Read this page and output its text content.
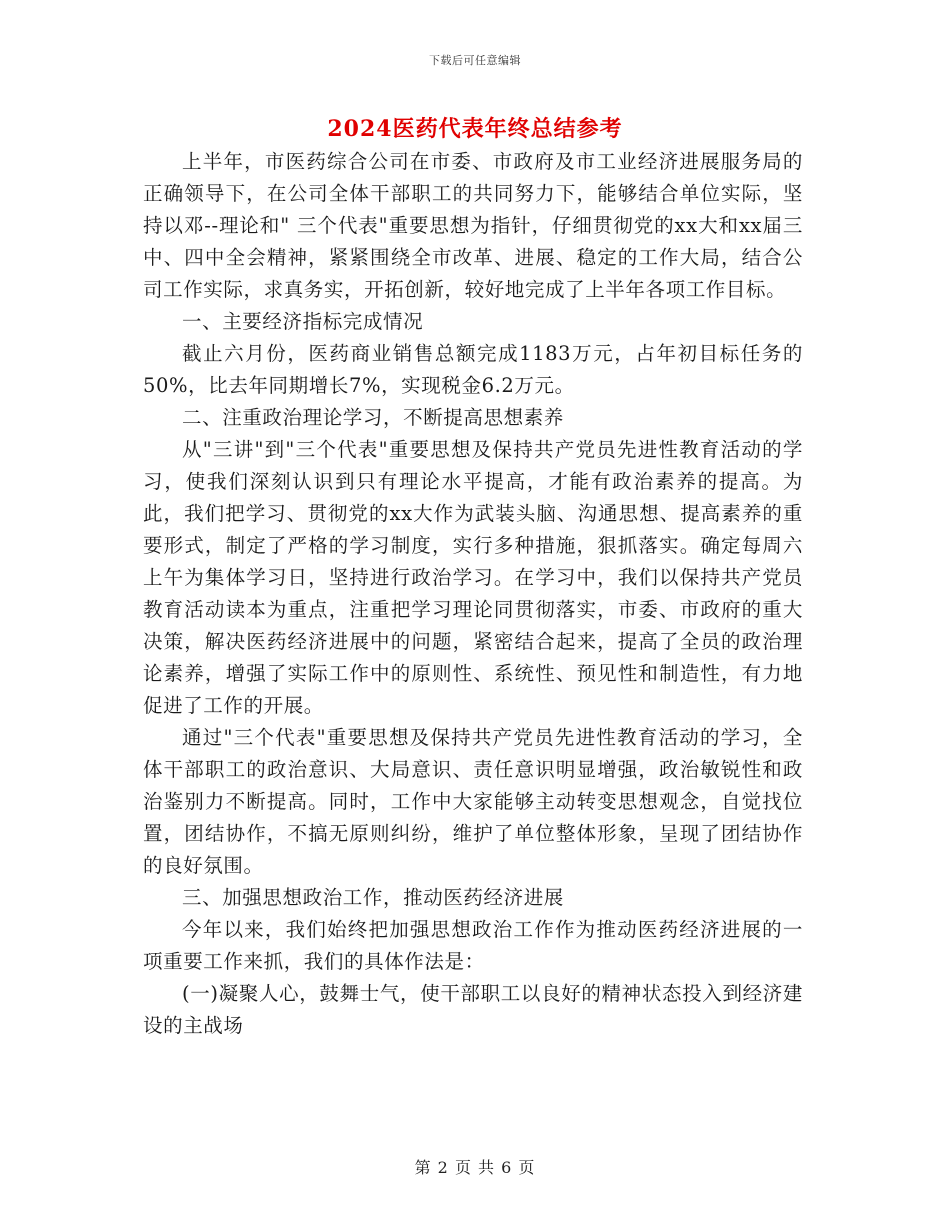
下载后可任意编辑
2024医药代表年终总结参考

上半年，市医药综合公司在市委、市政府及市工业经济进展服务局的正确领导下，在公司全体干部职工的共同努力下，能够结合单位实际，坚持以邓--理论和" 三个代表"重要思想为指针，仔细贯彻党的xx大和xx届三中、四中全会精神，紧紧围绕全市改革、进展、稳定的工作大局，结合公司工作实际，求真务实，开拓创新，较好地完成了上半年各项工作目标。

一、主要经济指标完成情况

截止六月份，医药商业销售总额完成1183万元，占年初目标任务的50%，比去年同期增长7%，实现税金6.2万元。

二、注重政治理论学习，不断提高思想素养

从"三讲"到"三个代表"重要思想及保持共产党员先进性教育活动的学习，使我们深刻认识到只有理论水平提高，才能有政治素养的提高。为此，我们把学习、贯彻党的xx大作为武装头脑、沟通思想、提高素养的重要形式，制定了严格的学习制度，实行多种措施，狠抓落实。确定每周六上午为集体学习日，坚持进行政治学习。在学习中，我们以保持共产党员教育活动读本为重点，注重把学习理论同贯彻落实，市委、市政府的重大决策，解决医药经济进展中的问题，紧密结合起来，提高了全员的政治理论素养，增强了实际工作中的原则性、系统性、预见性和制造性，有力地促进了工作的开展。

通过"三个代表"重要思想及保持共产党员先进性教育活动的学习，全体干部职工的政治意识、大局意识、责任意识明显增强，政治敏锐性和政治鉴别力不断提高。同时，工作中大家能够主动转变思想观念，自觉找位置，团结协作，不搞无原则纠纷，维护了单位整体形象，呈现了团结协作的良好氛围。

三、加强思想政治工作，推动医药经济进展

今年以来，我们始终把加强思想政治工作作为推动医药经济进展的一项重要工作来抓，我们的具体作法是：

(一)凝聚人心，鼓舞士气，使干部职工以良好的精神状态投入到经济建设的主战场

第 2 页 共 6 页
